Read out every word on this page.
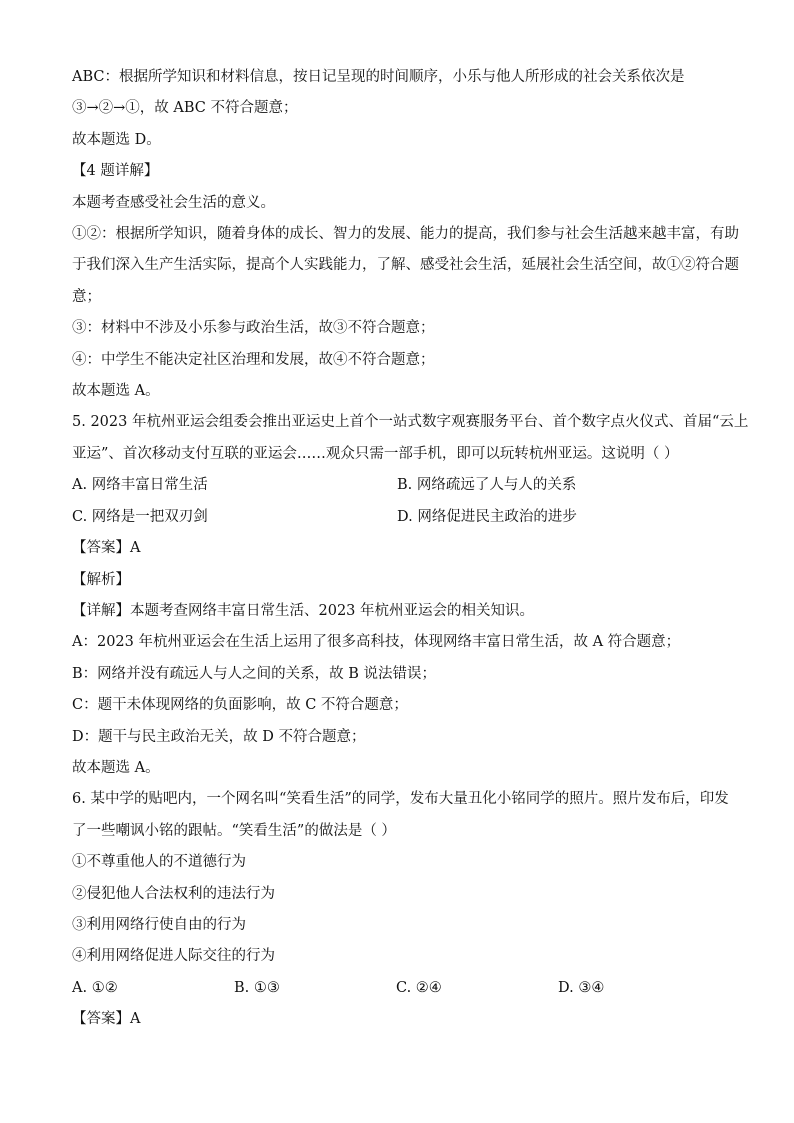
ABC：根据所学知识和材料信息，按日记呈现的时间顺序，小乐与他人所形成的社会关系依次是
③→②→①，故 ABC 不符合题意；
故本题选 D。
【4 题详解】
本题考查感受社会生活的意义。
①②：根据所学知识，随着身体的成长、智力的发展、能力的提高，我们参与社会生活越来越丰富，有助
于我们深入生产生活实际，提高个人实践能力，了解、感受社会生活，延展社会生活空间，故①②符合题
意；
③：材料中不涉及小乐参与政治生活，故③不符合题意；
④：中学生不能决定社区治理和发展，故④不符合题意；
故本题选 A。
5. 2023 年杭州亚运会组委会推出亚运史上首个一站式数字观赛服务平台、首个数字点火仪式、首届“云上
亚运”、首次移动支付互联的亚运会……观众只需一部手机，即可以玩转杭州亚运。这说明（ ）
A. 网络丰富日常生活	B. 网络疏远了人与人的关系
C. 网络是一把双刃剑	D. 网络促进民主政治的进步
【答案】A
【解析】
【详解】本题考查网络丰富日常生活、2023 年杭州亚运会的相关知识。
A：2023 年杭州亚运会在生活上运用了很多高科技，体现网络丰富日常生活，故 A 符合题意；
B：网络并没有疏远人与人之间的关系，故 B 说法错误；
C：题干未体现网络的负面影响，故 C 不符合题意；
D：题干与民主政治无关，故 D 不符合题意；
故本题选 A。
6. 某中学的贴吧内，一个网名叫“笑看生活”的同学，发布大量丑化小铭同学的照片。照片发布后，印发
了一些嘲讽小铭的跟帖。“笑看生活”的做法是（ ）
①不尊重他人的不道德行为
②侵犯他人合法权利的违法行为
③利用网络行使自由的行为
④利用网络促进人际交往的行为
A. ①②	B. ①③	C. ②④	D. ③④
【答案】A
